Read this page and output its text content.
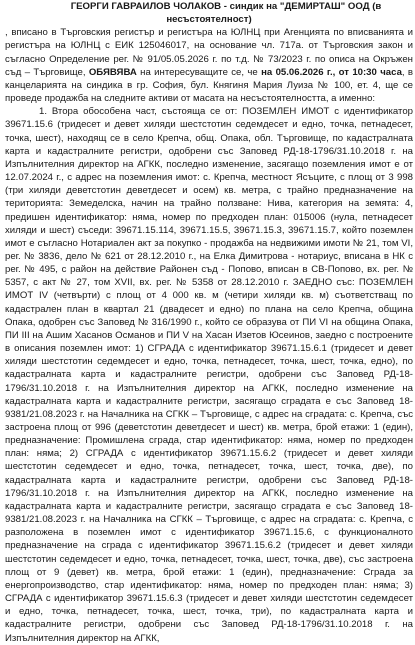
ГЕОРГИ ГАВРАИЛОВ ЧОЛАКОВ - синдик на "ДЕМИРТАШ" ООД (в несъстоятелност)

, вписано в Търговския регистър и регистъра на ЮЛНЦ при Агенцията по вписванията и регистъра на ЮЛНЦ с ЕИК 125046017, на основание чл. 717а. от Търговския закон и съгласно Определение рег. № 91/05.05.2026 г. по т.д. № 73/2023 г. по описа на Окръжен съд – Търговище, ОБЯВЯВА на интересуващите се, че на 05.06.2026 г., от 10:30 часа, в канцеларията на синдика в гр. София, бул. Княгиня Мария Луиза № 100, ет. 4, ще се проведе продажба на следните активи от масата на несъстоятелността, а именно:

1. Втора обособена част, състояща се от: ПОЗЕМЛЕН ИМОТ с идентификатор 39671.15.6 (тридесет и девет хиляди шестстотин седемдесет и едно, точка, петнадесет, точка, шест), находящ се в село Крепча, общ. Опака, обл. Търговище, по кадастралната карта и кадастралните регистри, одобрени със Заповед РД-18-1796/31.10.2018 г. на Изпълнителния директор на АГКК, последно изменение, засягащо поземления имот е от 12.07.2024 г., с адрес на поземления имот: с. Крепча, местност Ясъците, с площ от 3 998 (три хиляди деветстотин деветдесет и осем) кв. метра, с трайно предназначение на територията: Земеделска, начин на трайно ползване: Нива, категория на земята: 4, предишен идентификатор: няма, номер по предходен план: 015006 (нула, петнадесет хиляди и шест) съседи: 39671.15.114, 39671.15.5, 39671.15.3, 39671.15.7, който поземлен имот е съгласно Нотариален акт за покупко - продажба на недвижими имоти № 21, том VI, рег. № 3836, дело № 621 от 28.12.2010 г., на Елка Димитрова - нотариус, вписана в НК с рег. № 495, с район на действие Районен съд - Попово, вписан в СВ-Попово, вх. рег. № 5357, с акт № 27, том XVII, вх. рег. № 5358 от 28.12.2010 г. ЗАЕДНО със: ПОЗЕМЛЕН ИМОТ IV (четвърти) с площ от 4 000 кв. м (четири хиляди кв. м) съответстващ по кадастрален план в квартал 21 (двадесет и едно) по плана на село Крепча, община Опака, одобрен със Заповед № 316/1990 г., който се образува от ПИ VI на община Опака, ПИ III на Ашим Хасанов Османов и ПИ V на Хасан Изетов Юсеинов, заедно с построените в описания поземлен имот: 1) СГРАДА с идентификатор 39671.15.6.1 (тридесет и девет хиляди шестстотин седемдесет и едно, точка, петнадесет, точка, шест, точка, едно), по кадастралната карта и кадастралните регистри, одобрени със Заповед РД-18-1796/31.10.2018 г. на Изпълнителния директор на АГКК, последно изменение на кадастралната карта и кадастралните регистри, засягащо сградата е със Заповед 18-9381/21.08.2023 г. на Началника на СГКК – Търговище, с адрес на сградата: с. Крепча, със застроена площ от 996 (деветстотин деветдесет и шест) кв. метра, брой етажи: 1 (един), предназначение: Промишлена сграда, стар идентификатор: няма, номер по предходен план: няма; 2) СГРАДА с идентификатор 39671.15.6.2 (тридесет и девет хиляди шестстотин седемдесет и едно, точка, петнадесет, точка, шест, точка, две), по кадастралната карта и кадастралните регистри, одобрени със Заповед РД-18-1796/31.10.2018 г. на Изпълнителния директор на АГКК, последно изменение на кадастралната карта и кадастралните регистри, засягащо сградата е със Заповед 18-9381/21.08.2023 г. на Началника на СГКК – Търговище, с адрес на сградата: с. Крепча, с разположена в поземлен имот с идентификатор 39671.15.6, с функционалното предназначение на сграда с идентификатор 39671.15.6.2 (тридесет и девет хиляди шестстотин седемдесет и едно, точка, петнадесет, точка, шест, точка, две), със застроена площ от 9 (девет) кв. метра, брой етажи: 1 (един), предназначение: Сграда за енергопроизводство, стар идентификатор: няма, номер по предходен план: няма; 3) СГРАДА с идентификатор 39671.15.6.3 (тридесет и девет хиляди шестстотин седемдесет и едно, точка, петнадесет, точка, шест, точка, три), по кадастралната карта и кадастралните регистри, одобрени със Заповед РД-18-1796/31.10.2018 г. на Изпълнителния директор на АГКК,
